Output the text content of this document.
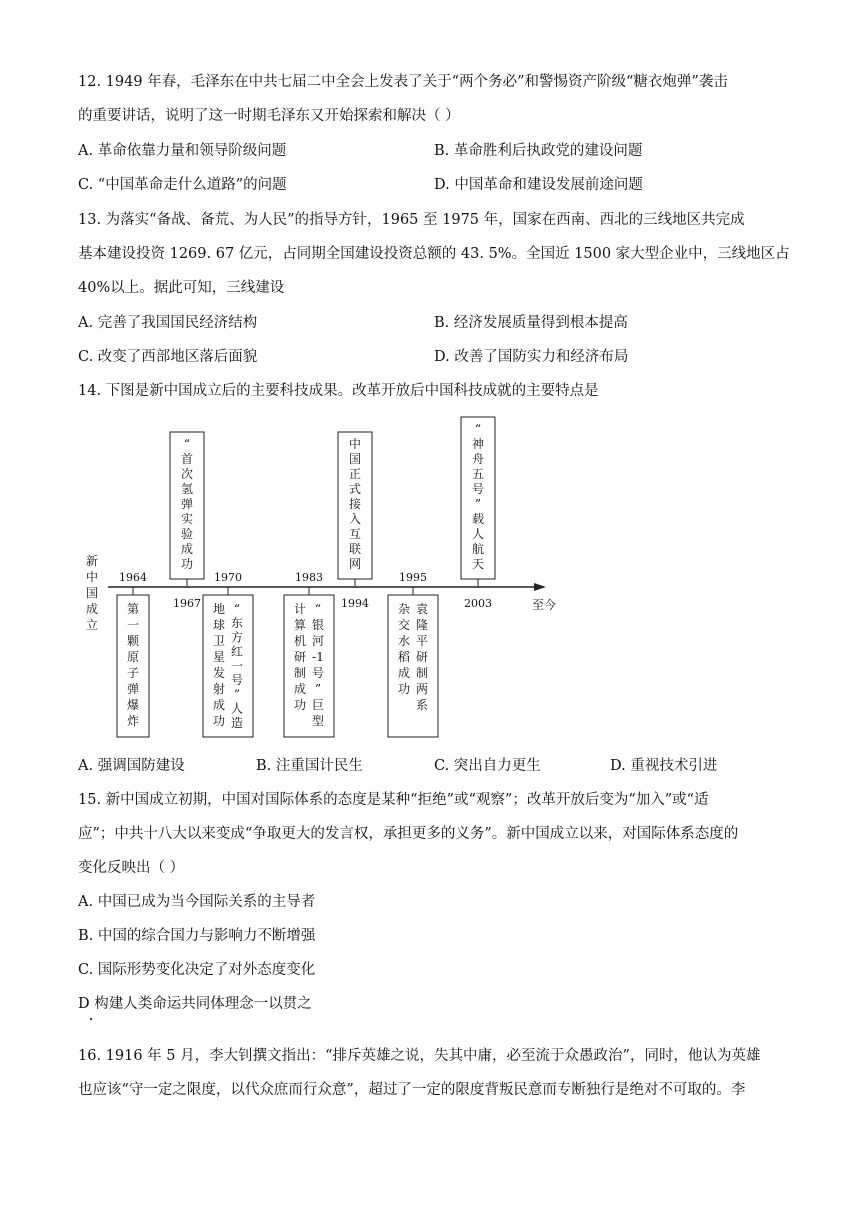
12. 1949 年春，毛泽东在中共七届二中全会上发表了关于“两个务必”和警惕资产阶级“糖衣炮弹”袭击
的重要讲话，说明了这一时期毛泽东又开始探索和解决（ ）
A. 革命依靠力量和领导阶级问题	B. 革命胜利后执政党的建设问题
C. “中国革命走什么道路”的问题	D. 中国革命和建设发展前途问题
13. 为落实“备战、备荒、为人民”的指导方针，1965 至 1975 年，国家在西南、西北的三线地区共完成
基本建设投资 1269. 67 亿元，占同期全国建设投资总额的 43. 5%。全国近 1500 家大型企业中，三线地区占
40%以上。据此可知，三线建设
A. 完善了我国国民经济结构	B. 经济发展质量得到根本提高
C. 改变了西部地区落后面貌	D. 改善了国防实力和经济布局
14. 下图是新中国成立后的主要科技成果。改革开放后中国科技成就的主要特点是
新
中
国
成
立
至今
“
首
次
氢
弹
实
验
成
功
1967
中
国
正
式
接
入
互
联
网
1994
“
神
舟
五
号
”
载
人
航
天
2003
第
一
颗
原
子
弹
爆
炸
1964
地
球
卫
星
发
射
成
功
“
东
方
红
一
号
”
人
造
1970
计
算
机
研
制
成
功
“
银
河
-1
号
”
巨
型
1983
杂
交
水
稻
成
功
袁
隆
平
研
制
两
系
1995
A. 强调国防建设	B. 注重国计民生	C. 突出自力更生	D. 重视技术引进
15. 新中国成立初期，中国对国际体系的态度是某种“拒绝”或“观察”；改革开放后变为“加入”或“适
应”；中共十八大以来变成“争取更大的发言权，承担更多的义务”。新中国成立以来，对国际体系态度的
变化反映出（ ）
A. 中国已成为当今国际关系的主导者
B. 中国的综合国力与影响力不断增强
C. 国际形势变化决定了对外态度变化
D 构建人类命运共同体理念一以贯之
16. 1916 年 5 月，李大钊撰文指出：“排斥英雄之说，失其中庸，必至流于众愚政治”，同时，他认为英雄
也应该“守一定之限度，以代众庶而行众意”，超过了一定的限度背叛民意而专断独行是绝对不可取的。李
